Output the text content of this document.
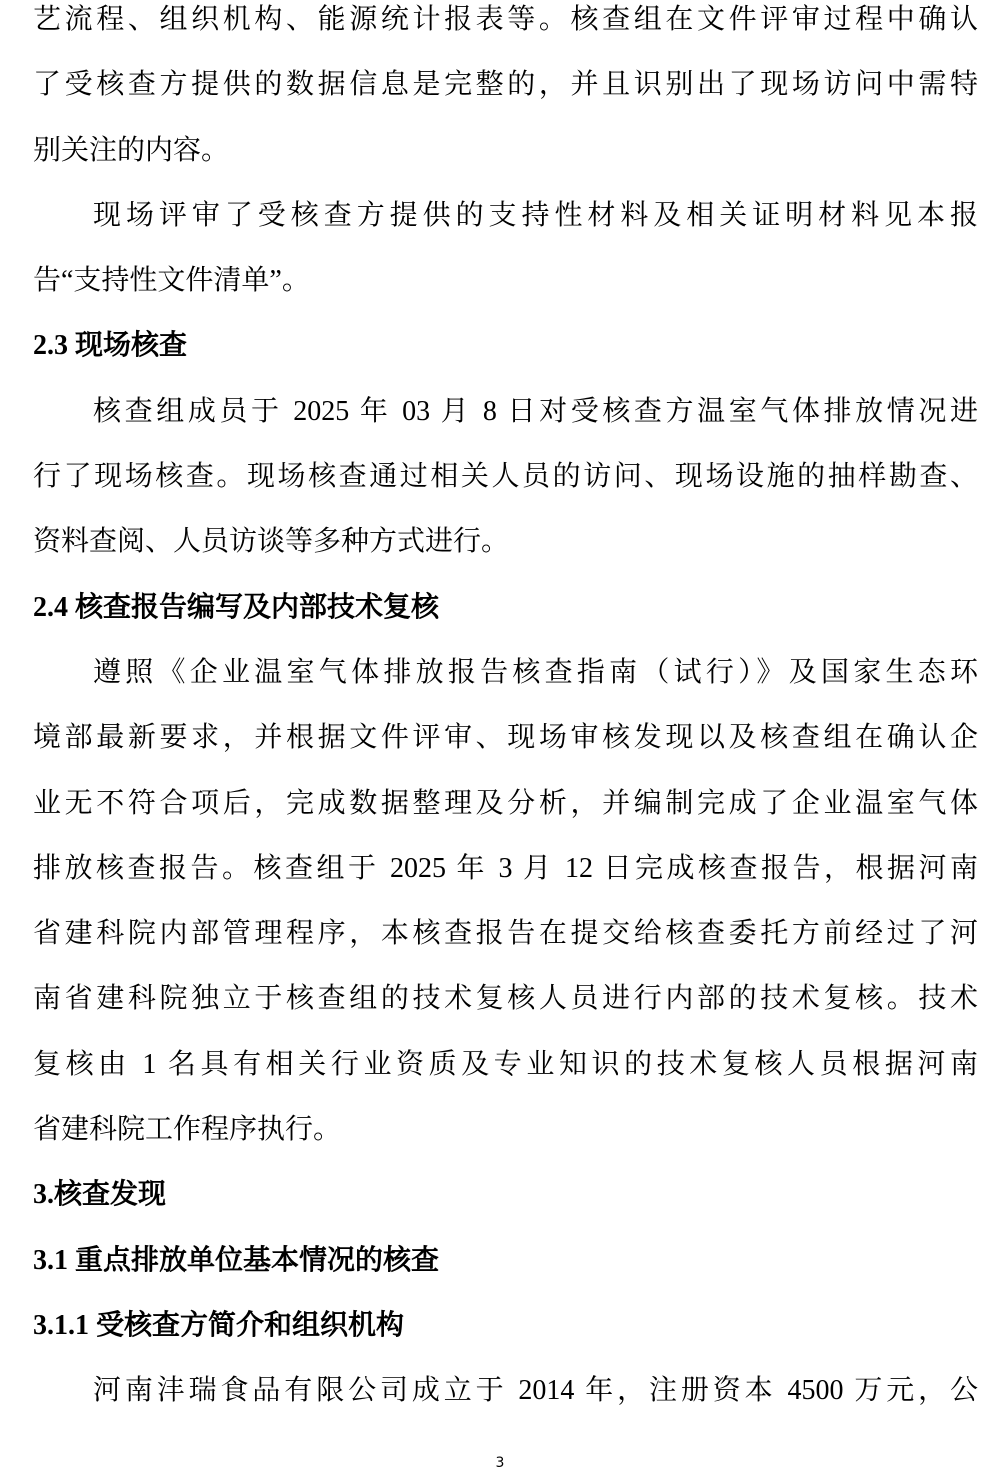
艺流程、组织机构、能源统计报表等。核查组在文件评审过程中确认
了受核查方提供的数据信息是完整的，并且识别出了现场访问中需特
别关注的内容。
现场评审了受核查方提供的支持性材料及相关证明材料见本报
告“支持性文件清单”。
2.3 现场核查
核查组成员于 2025 年 03 月 8 日对受核查方温室气体排放情况进
行了现场核查。现场核查通过相关人员的访问、现场设施的抽样勘查、
资料查阅、人员访谈等多种方式进行。
2.4 核查报告编写及内部技术复核
遵照《企业温室气体排放报告核查指南（试行）》及国家生态环
境部最新要求，并根据文件评审、现场审核发现以及核查组在确认企
业无不符合项后，完成数据整理及分析，并编制完成了企业温室气体
排放核查报告。核查组于 2025 年 3 月 12 日完成核查报告，根据河南
省建科院内部管理程序，本核查报告在提交给核查委托方前经过了河
南省建科院独立于核查组的技术复核人员进行内部的技术复核。技术
复核由 1 名具有相关行业资质及专业知识的技术复核人员根据河南
省建科院工作程序执行。
3.核查发现
3.1 重点排放单位基本情况的核查
3.1.1 受核查方简介和组织机构
河南沣瑞食品有限公司成立于 2014 年，注册资本 4500 万元，公
3
